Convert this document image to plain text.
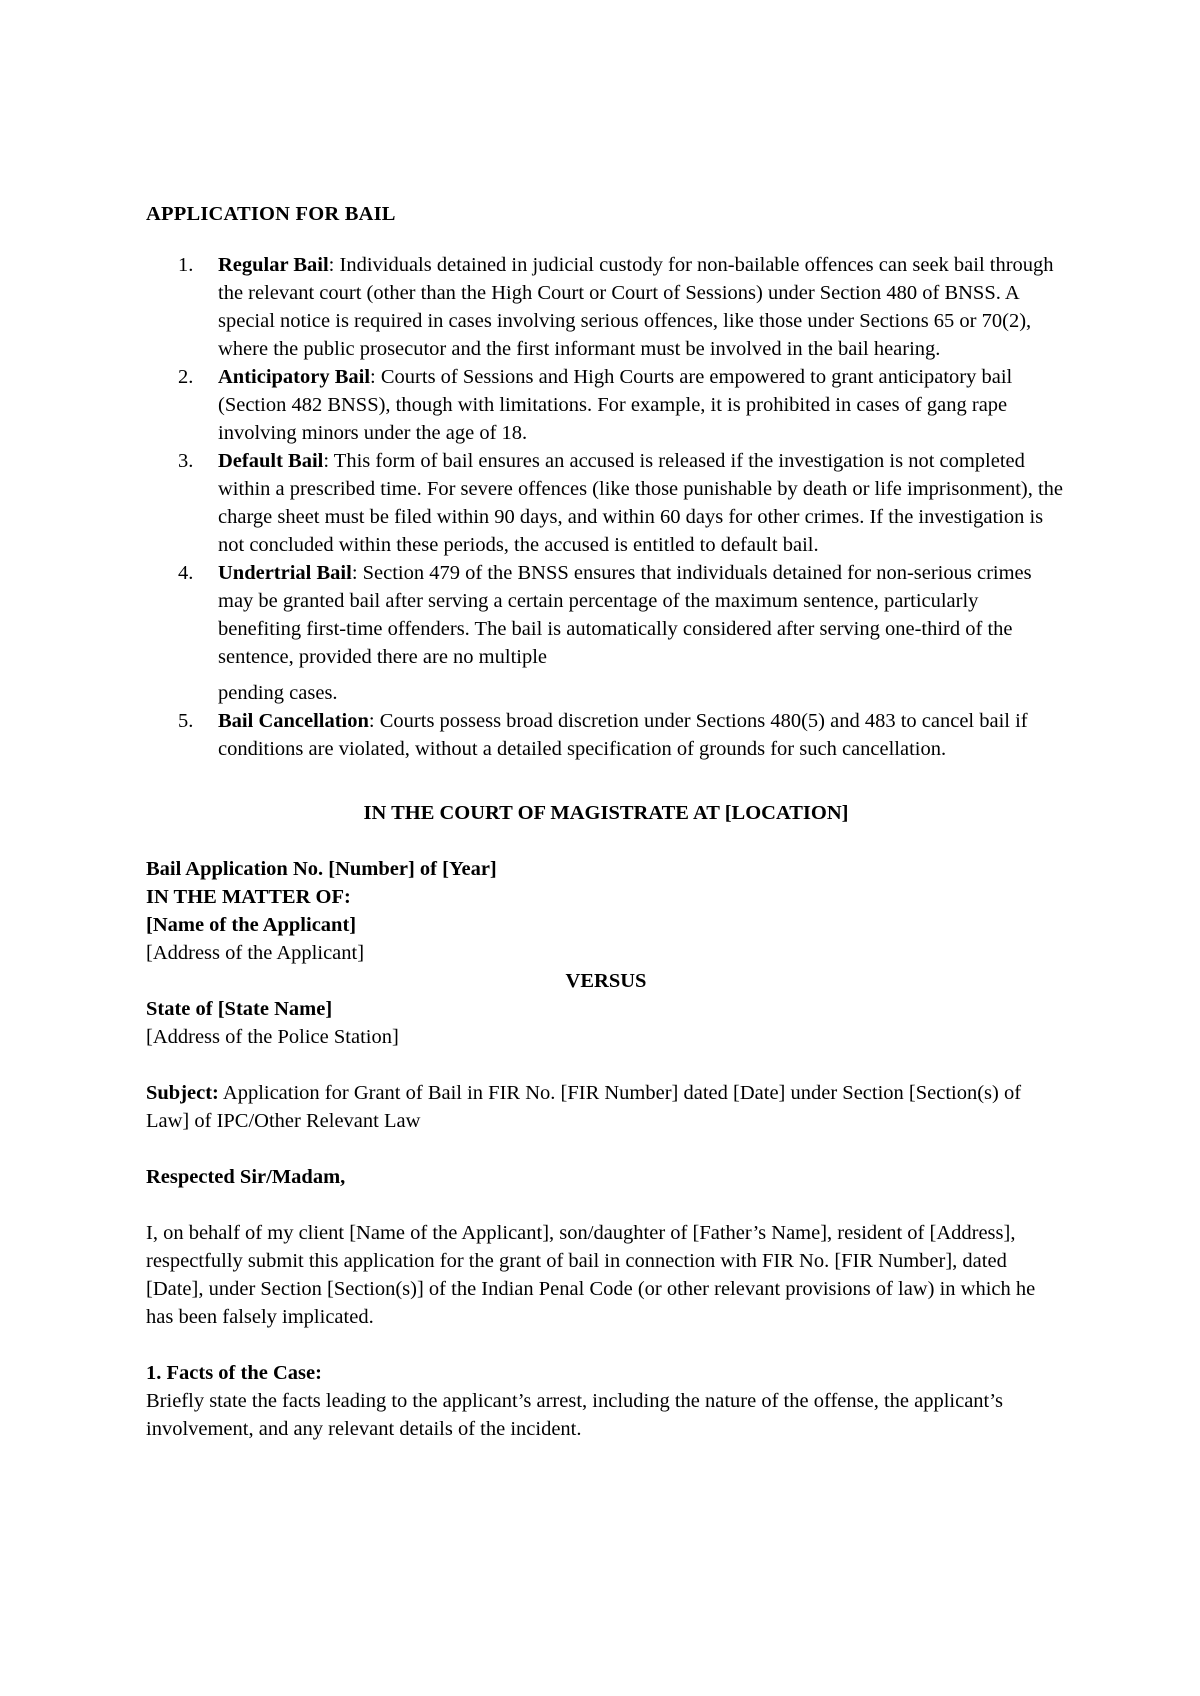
APPLICATION FOR BAIL
1. Regular Bail: Individuals detained in judicial custody for non-bailable offences can seek bail through the relevant court (other than the High Court or Court of Sessions) under Section 480 of BNSS. A special notice is required in cases involving serious offences, like those under Sections 65 or 70(2), where the public prosecutor and the first informant must be involved in the bail hearing.
2. Anticipatory Bail: Courts of Sessions and High Courts are empowered to grant anticipatory bail (Section 482 BNSS), though with limitations. For example, it is prohibited in cases of gang rape involving minors under the age of 18.
3. Default Bail: This form of bail ensures an accused is released if the investigation is not completed within a prescribed time. For severe offences (like those punishable by death or life imprisonment), the charge sheet must be filed within 90 days, and within 60 days for other crimes. If the investigation is not concluded within these periods, the accused is entitled to default bail.
4. Undertrial Bail: Section 479 of the BNSS ensures that individuals detained for non-serious crimes may be granted bail after serving a certain percentage of the maximum sentence, particularly benefiting first-time offenders. The bail is automatically considered after serving one-third of the sentence, provided there are no multiple
pending cases.
5. Bail Cancellation: Courts possess broad discretion under Sections 480(5) and 483 to cancel bail if conditions are violated, without a detailed specification of grounds for such cancellation.
IN THE COURT OF MAGISTRATE AT [LOCATION]
Bail Application No. [Number] of [Year]
IN THE MATTER OF:
[Name of the Applicant]
[Address of the Applicant]
VERSUS
State of [State Name]
[Address of the Police Station]
Subject: Application for Grant of Bail in FIR No. [FIR Number] dated [Date] under Section [Section(s) of Law] of IPC/Other Relevant Law
Respected Sir/Madam,
I, on behalf of my client [Name of the Applicant], son/daughter of [Father’s Name], resident of [Address], respectfully submit this application for the grant of bail in connection with FIR No. [FIR Number], dated [Date], under Section [Section(s)] of the Indian Penal Code (or other relevant provisions of law) in which he has been falsely implicated.
1. Facts of the Case:
Briefly state the facts leading to the applicant’s arrest, including the nature of the offense, the applicant’s involvement, and any relevant details of the incident.
